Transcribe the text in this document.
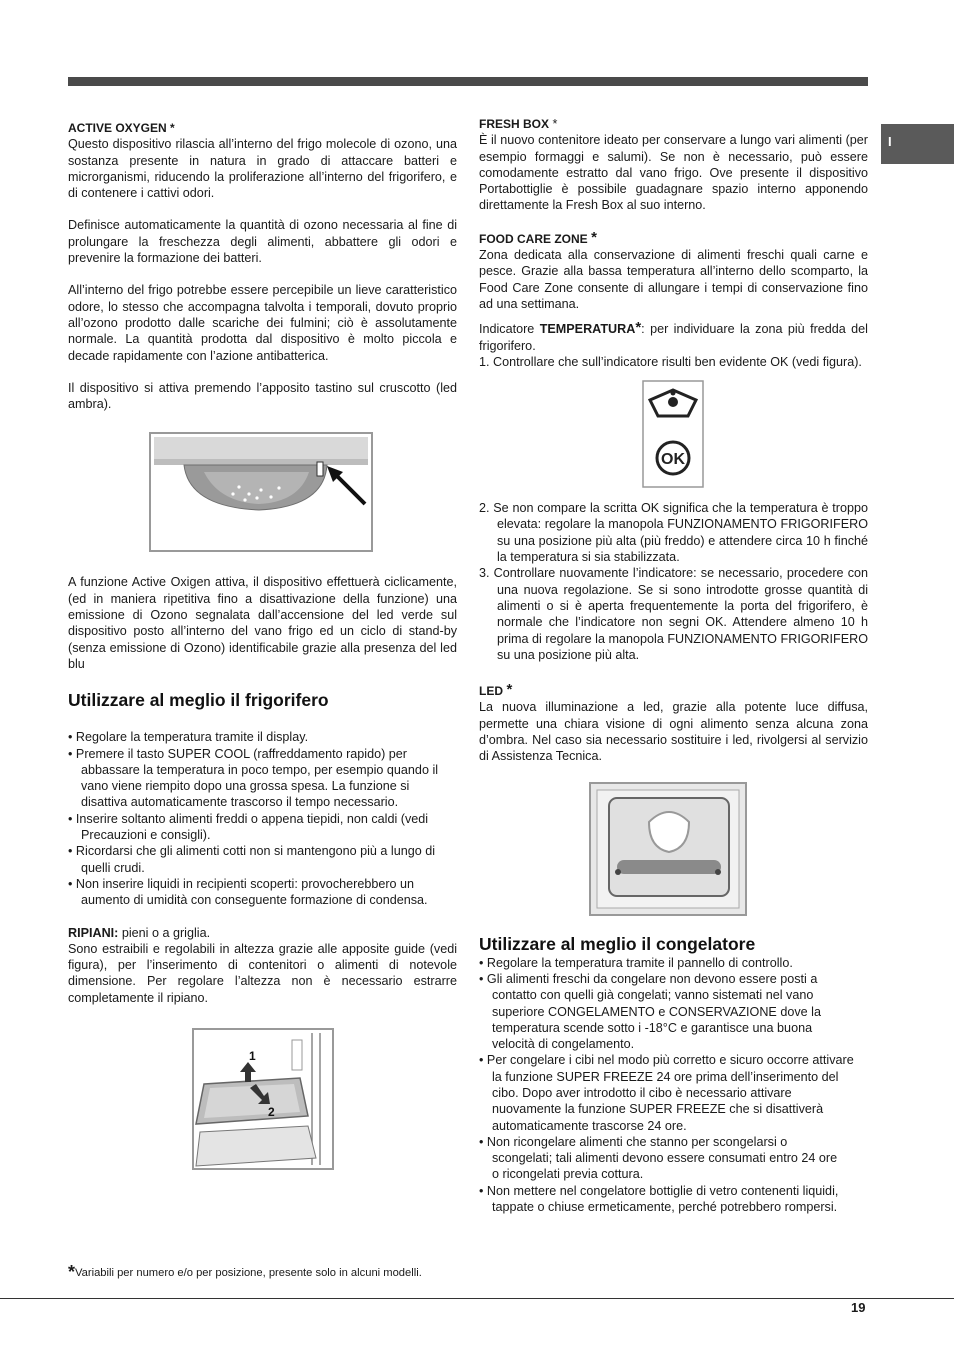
I

ACTIVE OXYGEN *

Questo dispositivo rilascia all’interno del frigo molecole di ozono, una sostanza presente in natura in grado di attaccare batteri e microrganismi, riducendo la proliferazione all’interno del frigorifero, e di contenere i cattivi odori.

Definisce automaticamente la quantità di ozono necessaria al fine di prolungare la freschezza degli alimenti, abbattere gli odori e prevenire la formazione dei batteri.

All’interno del frigo potrebbe essere percepibile un lieve caratteristico odore, lo stesso che accompagna talvolta i temporali, dovuto proprio all’ozono prodotto dalle scariche dei fulmini; ciò è assolutamente normale. La quantità prodotta dal dispositivo è molto piccola e decade rapidamente con l’azione antibatterica.

Il dispositivo si attiva premendo l’apposito tastino sul cruscotto (led ambra).

A funzione Active Oxigen attiva, il dispositivo effettuerà ciclicamente, (ed in maniera ripetitiva fino a disattivazione della funzione) una emissione di Ozono segnalata dall’accensione del led verde sul dispositivo posto all’interno del vano frigo ed un ciclo di stand-by (senza emissione di Ozono) identificabile grazie alla presenza del led blu

Utilizzare al meglio il frigorifero
• Regolare la temperatura tramite il display.
• Premere il tasto SUPER COOL (raffreddamento rapido) per abbassare la temperatura in poco tempo, per esempio quando il vano viene riempito dopo una grossa spesa. La funzione si disattiva automaticamente trascorso il tempo necessario.
• Inserire soltanto alimenti freddi o appena tiepidi, non caldi (vedi Precauzioni e consigli).
• Ricordarsi che gli alimenti cotti non si mantengono più a lungo di quelli crudi.
• Non inserire liquidi in recipienti scoperti: provocherebbero un aumento di umidità con conseguente formazione di condensa.

RIPIANI: pieni o a griglia.

Sono estraibili e regolabili in altezza grazie alle apposite guide (vedi figura), per l’inserimento di contenitori o alimenti di notevole dimensione. Per regolare l’altezza non è necessario estrarre completamente il ripiano.

1
2

FRESH BOX *

È il nuovo contenitore ideato per conservare a lungo vari alimenti (per esempio formaggi e salumi). Se non è necessario, può essere comodamente estratto dal vano frigo. Ove presente il dispositivo Portabottiglie è possibile guadagnare spazio interno apponendo direttamente la Fresh Box al suo interno.

FOOD CARE ZONE *

Zona dedicata alla conservazione di alimenti freschi quali carne e pesce. Grazie alla bassa temperatura all’interno dello scomparto, la Food Care Zone consente di allungare i tempi di conservazione fino ad una settimana.

Indicatore TEMPERATURA*: per individuare la zona più fredda del frigorifero.

1. Controllare che sull’indicatore risulti ben evidente OK (vedi figura).
OK
2. Se non compare la scritta OK significa che la temperatura è troppo elevata: regolare la manopola FUNZIONAMENTO FRIGORIFERO su una posizione più alta (più freddo) e attendere circa 10 h finché la temperatura si sia stabilizzata.
3. Controllare nuovamente l’indicatore: se necessario, procedere con una nuova regolazione. Se si sono introdotte grosse quantità di alimenti o si è aperta frequentemente la porta del frigorifero, è normale che l’indicatore non segni OK. Attendere almeno 10 h prima di regolare la manopola FUNZIONAMENTO FRIGORIFERO su una posizione più alta.

LED *

La nuova illuminazione a led, grazie alla potente luce diffusa, permette una chiara visione di ogni alimento senza alcuna zona d’ombra. Nel caso sia necessario sostituire i led, rivolgersi al servizio di Assistenza Tecnica.

Utilizzare al meglio il congelatore
• Regolare la temperatura tramite il pannello di controllo.
• Gli alimenti freschi da congelare non devono essere posti a contatto con quelli già congelati; vanno sistemati nel vano superiore CONGELAMENTO e CONSERVAZIONE dove la temperatura scende sotto i -18°C e garantisce una buona velocità di congelamento.
• Per congelare i cibi nel modo più corretto e sicuro occorre attivare     la funzione SUPER FREEZE 24 ore prima dell’inserimento del cibo. Dopo aver introdotto il cibo è necessario attivare nuovamente la funzione SUPER FREEZE che si disattiverà automaticamente trascorse 24 ore.
• Non ricongelare alimenti che stanno per scongelarsi o scongelati; tali alimenti devono essere consumati entro 24 ore o ricongelati previa cottura.
• Non mettere nel congelatore bottiglie di vetro contenenti liquidi, tappate o chiuse ermeticamente, perché potrebbero rompersi.
*Variabili per numero e/o per posizione, presente solo in alcuni modelli.
19
